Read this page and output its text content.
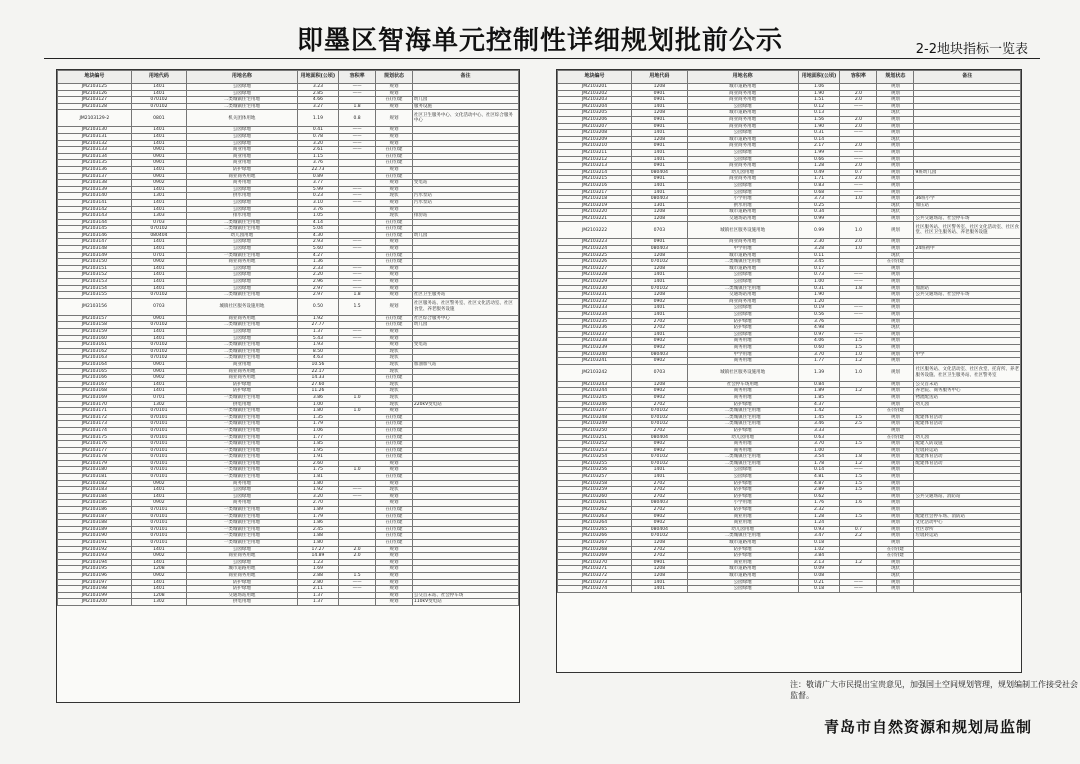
即墨区智海单元控制性详细规划批前公示	2-2地块指标一览表
地块编号	用地代码	用地名称	用地面积(公顷)	容积率	规划状态	备注
JM2103125	1401	公园绿地	3.23	——	规划	
JM2103126	1401	公园绿地	2.85	——	规划	
JM2103127	070102	二类城镇住宅用地	4.66		在(待)建	幼儿园
JM2103128	070102	二类城镇住宅用地	3.27	1.8	规划	服务设施
JM2103129-2	0801	机关团体用地	1.19	0.8	规划	社区卫生服务中心、文化活动中心、社区综合服务中心
JM2103130	1401	公园绿地	0.41	——	规划	
JM2103131	1401	公园绿地	0.78	——	规划	
JM2103132	1401	公园绿地	3.20	——	规划	
JM2103133	0901	商业用地	2.61	——	在(待)建	
JM2103134	0901	商业用地	1.15		在(待)建	
JM2103135	0901	商业用地	3.76		在(待)建	
JM2103136	1401	防护绿地	22.73		规划	
JM2103137	0901	商业商务用地	0.89		在(待)建	
JM2103138	0902	商务用地	3.77		规划	变电站
JM2103139	1401	公园绿地	5.99	——	规划	
JM2103140	1301	供水用地	0.23	——	现状	污水泵站
JM2103141	1401	公园绿地	3.10	——	规划	污水泵站
JM2103142	1401	公园绿地	3.76		规划	
JM2103143	1303	排水用地	1.05		现状	排涝站
JM2103144	0703	二类城镇住宅用地	4.14		在(待)建	
JM2103145	070102	二类城镇住宅用地	5.04		在(待)建	
JM2103146	080404	幼儿园用地	4.30		在(待)建	幼儿园
JM2103147	1401	公园绿地	2.93	——	规划	
JM2103148	1401	公园绿地	5.60	——	规划	
JM2103149	0701	一类城镇住宅用地	4.27		在(待)建	
JM2103150	0902	商业商务用地	1.36		在(待)建	
JM2103151	1401	公园绿地	2.33	——	规划	
JM2103152	1401	公园绿地	2.20	——	规划	
JM2103153	1401	公园绿地	2.96	——	规划	
JM2103154	1401	公园绿地	2.97	——	规划	
JM2103155	070102	二类城镇住宅用地	2.97	1.8	规划	社区卫生服务站
JM2103156	0703	城镇社区服务设施用地	0.50	1.5	规划	社区服务站、社区警务室、社区文化活动室、社区食堂、养老服务设施
JM2103157	0901	商业商务用地	1.92		在(待)建	社区综合服务中心
JM2103158	070102	二类城镇住宅用地	27.77		在(待)建	幼儿园
JM2103159	1401	公园绿地	1.37	——	规划	
JM2103160	1401	公园绿地	5.43	——	规划	
JM2103161	070102	二类城镇住宅用地	1.93		规划	变电站
JM2103162	070102	二类城镇住宅用地	8.50		现状	
JM2103163	070102	二类城镇住宅用地	4.63		现状	
JM2103164	0901	商业用地	10.56		现状	加油加气站
JM2103165	0901	商业商务用地	22.17		现状	
JM2103166	0902	商业商务用地	14.33		在(待)建	
JM2103167	1401	防护绿地	27.60		现状	
JM2103168	1401	防护绿地	11.26		现状	
JM2103169	0701	一类城镇住宅用地	3.86	1.0	现状	
JM2103170	1302	供电用地	1.00		现状	220kV变电站
JM2103171	070101	一类城镇住宅用地	1.80	1.0	规划	
JM2103172	070101	一类城镇住宅用地	1.35		在(待)建	
JM2103173	070101	一类城镇住宅用地	1.79		在(待)建	
JM2103174	070101	一类城镇住宅用地	1.06		在(待)建	
JM2103175	070101	一类城镇住宅用地	1.77		在(待)建	
JM2103176	070101	一类城镇住宅用地	1.85		在(待)建	
JM2103177	070101	一类城镇住宅用地	1.95		在(待)建	
JM2103178	070101	一类城镇住宅用地	1.91		在(待)建	
JM2103179	070101	一类城镇住宅用地	2.60		规划	
JM2103180	070101	一类城镇住宅用地	1.75	1.0	规划	
JM2103181	070101	一类城镇住宅用地	1.81		在(待)建	
JM2103182	0902	商务用地	1.80		规划	
JM2103183	1401	公园绿地	1.92	——	现状	
JM2103184	1401	公园绿地	3.20	——	规划	
JM2103185	0902	商务用地	2.70		规划	
JM2103186	070101	一类城镇住宅用地	1.89		在(待)建	
JM2103187	070101	一类城镇住宅用地	1.79		在(待)建	
JM2103188	070101	一类城镇住宅用地	1.86		在(待)建	
JM2103189	070101	一类城镇住宅用地	2.45		在(待)建	
JM2103190	070101	一类城镇住宅用地	1.88		在(待)建	
JM2103191	070101	一类城镇住宅用地	1.80		在(待)建	
JM2103192	1401	公园绿地	17.27	2.0	规划	
JM2103193	0902	商业商务用地	14.89	2.0	规划	
JM2103194	1401	公园绿地	1.23		规划	
JM2103195	1208	城市道路用地	1.69		规划	
JM2103196	0902	商业商务用地	2.88	1.5	规划	
JM2103197	1401	防护绿地	2.80	——	规划	
JM2103198	1401	防护绿地	2.11	——	规划	
JM2103199	1208	交通场站用地	1.37		规划	公交首末站、社会停车场
JM2103200	1302	供电用地	1.37		规划	110kV变电站
地块编号	用地代码	用地名称	用地面积(公顷)	容积率	规划状态	备注
JM2103201	1208	城市道路用地	1.06		规划	
JM2103202	0901	商业商务用地	1.90	2.0	规划	
JM2103203	0901	商业商务用地	1.51	2.0	规划	
JM2103204	1401	公园绿地	0.12	——	规划	
JM2103205	1208	城市道路用地	0.13		现状	
JM2103206	0901	商业商务用地	1.56	2.0	规划	
JM2103207	0901	商业商务用地	1.90	2.0	规划	
JM2103208	1401	公园绿地	0.31	——	规划	
JM2103209	1208	城市道路用地	0.14		现状	
JM2103210	0901	商业商务用地	2.17	2.0	规划	
JM2103211	1401	公园绿地	1.99	——	规划	
JM2103212	1401	公园绿地	0.66	——	规划	
JM2103213	0901	商业商务用地	1.28	2.0	规划	
JM2103214	080404	幼儿园用地	0.49	0.7	规划	9班幼儿园
JM2103215	0901	商业商务用地	1.71	2.0	规划	
JM2103216	1401	公园绿地	0.83	——	规划	
JM2103217	1401	公园绿地	0.68	——	规划	
JM2103218	080403	小学用地	3.73	1.0	规划	36班小学
JM2103219	1301	供水用地	0.25		现状	加压站
JM2103220	1208	城市道路用地	0.34		现状	
JM2103221	1208	交通场站用地	0.99		规划	公共交通场站、社会停车场
JM2103222	0703	城镇社区服务设施用地	0.99	1.0	规划	社区服务站、社区警务室、社区文化活动室、社区食堂、社区卫生服务站、养老服务设施
JM2103223	0901	商业商务用地	2.30	2.0	规划	
JM2103224	080403	中学用地	3.28	1.0	规划	24班初中
JM2103225	1208	城市道路用地	0.11		现状	
JM2103226	070102	二类城镇住宅用地	3.45		在(待)建	
JM2103227	1208	城市道路用地	0.17		规划	
JM2103228	1401	公园绿地	0.73	——	规划	
JM2103229	1401	公园绿地	1.00	——	规划	
JM2103230	070102	二类城镇住宅用地	0.31	1.8	规划	加油站
JM2103231	1208	交通场站用地	1.90		规划	公共交通场站、社会停车场
JM2103232	0902	商业商务用地	1.20		规划	
JM2103233	1401	公园绿地	0.19	——	规划	
JM2103234	1401	公园绿地	0.56	——	规划	
JM2103235	2702	防护绿地	3.76		规划	
JM2103236	2702	防护绿地	4.98		现状	
JM2103237	1401	公园绿地	0.97	——	规划	
JM2103238	0902	商务用地	4.06	1.5	规划	
JM2103239	0902	商务用地	0.60	1.5	规划	
JM2103240	080403	中学用地	3.70	1.0	规划	中学
JM2103241	0902	商务用地	1.77	1.2	规划	
JM2103242	0703	城镇社区服务设施用地	1.39	1.0	规划	社区服务站、文化活动室、社区食堂、托育所、养老服务设施、社区卫生服务站、社区警务室
JM2103243	1208	社会停车场用地	0.84		规划	公交首末站
JM2103244	0902	商务用地	1.89	1.2	规划	养老院、商务服务中心
JM2103245	0902	商务用地	1.85		规划	物流配送站
JM2103246	2702	防护绿地	4.37		规划	幼儿园
JM2103247	070102	二类城镇住宅用地	1.42		在(待)建	
JM2103248	070102	二类城镇住宅用地	1.45	1.5	规划	配建体育活动
JM2103249	070102	二类城镇住宅用地	3.46	2.5	规划	配建体育活动
JM2103250	2702	防护绿地	3.33		规划	
JM2103251	080404	幼儿园用地	0.63		在(待)建	幼儿园
JM2103252	0902	商务用地	3.70	1.5	规划	配建人防设施
JM2103253	0902	商务用地	1.00		规划	垃圾转运站
JM2103254	070102	二类城镇住宅用地	3.54	1.8	规划	配建体育活动
JM2103255	070102	二类城镇住宅用地	1.78	1.2	规划	配建体育活动
JM2103256	1401	公园绿地	0.14	——	规划	
JM2103257	1401	公园绿地	4.81	1.5	规划	
JM2103258	2702	防护绿地	4.87	1.5	规划	
JM2103259	2702	防护绿地	2.89	1.5	规划	
JM2103260	2702	防护绿地	0.62		规划	公共交通场站、消防站
JM2103261	080403	小学用地	1.76	1.6	规划	
JM2103262	2702	防护绿地	2.32		规划	
JM2103263	0902	商业用地	1.28	1.5	规划	配建社会停车场、消防站
JM2103264	0902	商业用地	1.24		规划	文化活动中心
JM2103265	080404	幼儿园用地	0.93	0.7	规划	社区诊所
JM2103266	070102	二类城镇住宅用地	3.47	2.2	规划	垃圾转运站
JM2103267	1208	城市道路用地	0.18		规划	
JM2103268	2702	防护绿地	1.02		在(待)建	
JM2103269	2702	防护绿地	3.84		在(待)建	
JM2103270	0901	商业用地	2.13	1.2	规划	
JM2103271	1208	城市道路用地	0.09		现状	
JM2103272	1208	城市道路用地	0.08		现状	
JM2103273	1401	公园绿地	0.21	——	规划	
JM2103274	1401	公园绿地	0.18	——	规划	
注：敬请广大市民提出宝贵意见，加强国土空间规划管理，规划编制工作接受社会监督。
青岛市自然资源和规划局监制
